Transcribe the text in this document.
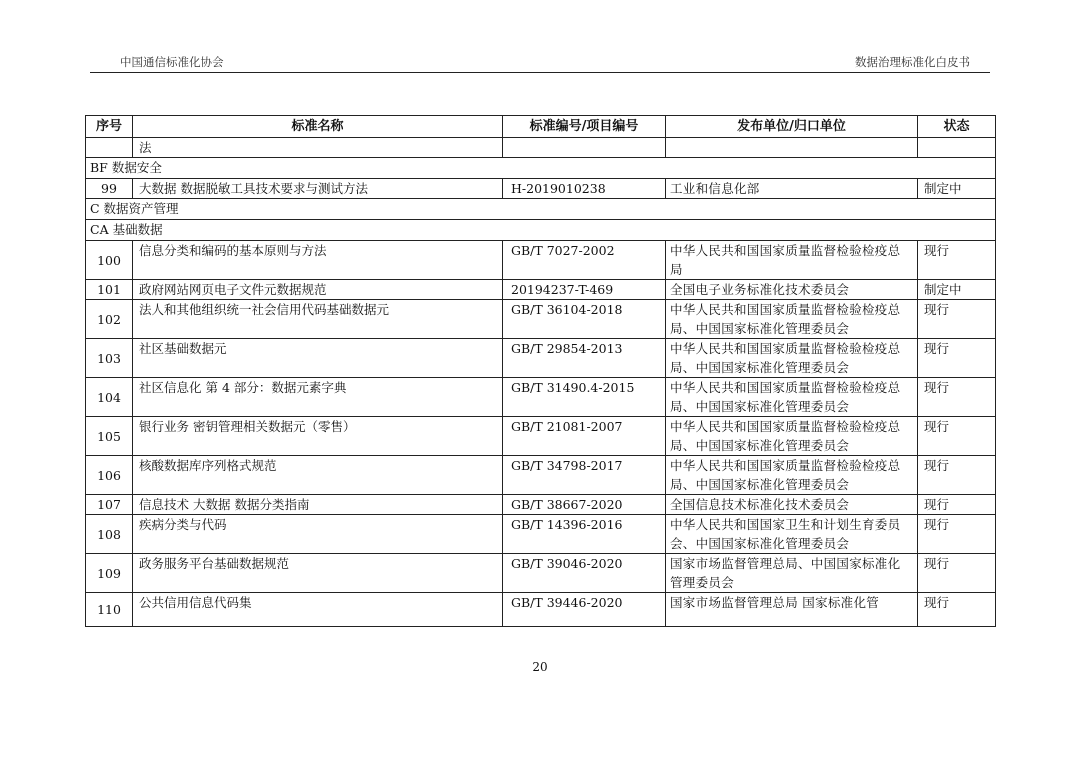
中国通信标准化协会	数据治理标准化白皮书
序号	标准名称	标准编号/项目编号	发布单位/归口单位	状态
	法			
BF 数据安全				
99	大数据 数据脱敏工具技术要求与测试方法	H-2019010238	工业和信息化部	制定中
C 数据资产管理				
CA 基础数据				
100	信息分类和编码的基本原则与方法	GB/T 7027-2002	中华人民共和国国家质量监督检验检疫总局	现行
101	政府网站网页电子文件元数据规范	20194237-T-469	全国电子业务标准化技术委员会	制定中
102	法人和其他组织统一社会信用代码基础数据元	GB/T 36104-2018	中华人民共和国国家质量监督检验检疫总局、中国国家标准化管理委员会	现行
103	社区基础数据元	GB/T 29854-2013	中华人民共和国国家质量监督检验检疫总局、中国国家标准化管理委员会	现行
104	社区信息化 第 4 部分：数据元素字典	GB/T 31490.4-2015	中华人民共和国国家质量监督检验检疫总局、中国国家标准化管理委员会	现行
105	银行业务 密钥管理相关数据元（零售）	GB/T 21081-2007	中华人民共和国国家质量监督检验检疫总局、中国国家标准化管理委员会	现行
106	核酸数据库序列格式规范	GB/T 34798-2017	中华人民共和国国家质量监督检验检疫总局、中国国家标准化管理委员会	现行
107	信息技术 大数据 数据分类指南	GB/T 38667-2020	全国信息技术标准化技术委员会	现行
108	疾病分类与代码	GB/T 14396-2016	中华人民共和国国家卫生和计划生育委员会、中国国家标准化管理委员会	现行
109	政务服务平台基础数据规范	GB/T 39046-2020	国家市场监督管理总局、中国国家标准化管理委员会	现行
110	公共信用信息代码集	GB/T 39446-2020	国家市场监督管理总局 国家标准化管	现行
20
